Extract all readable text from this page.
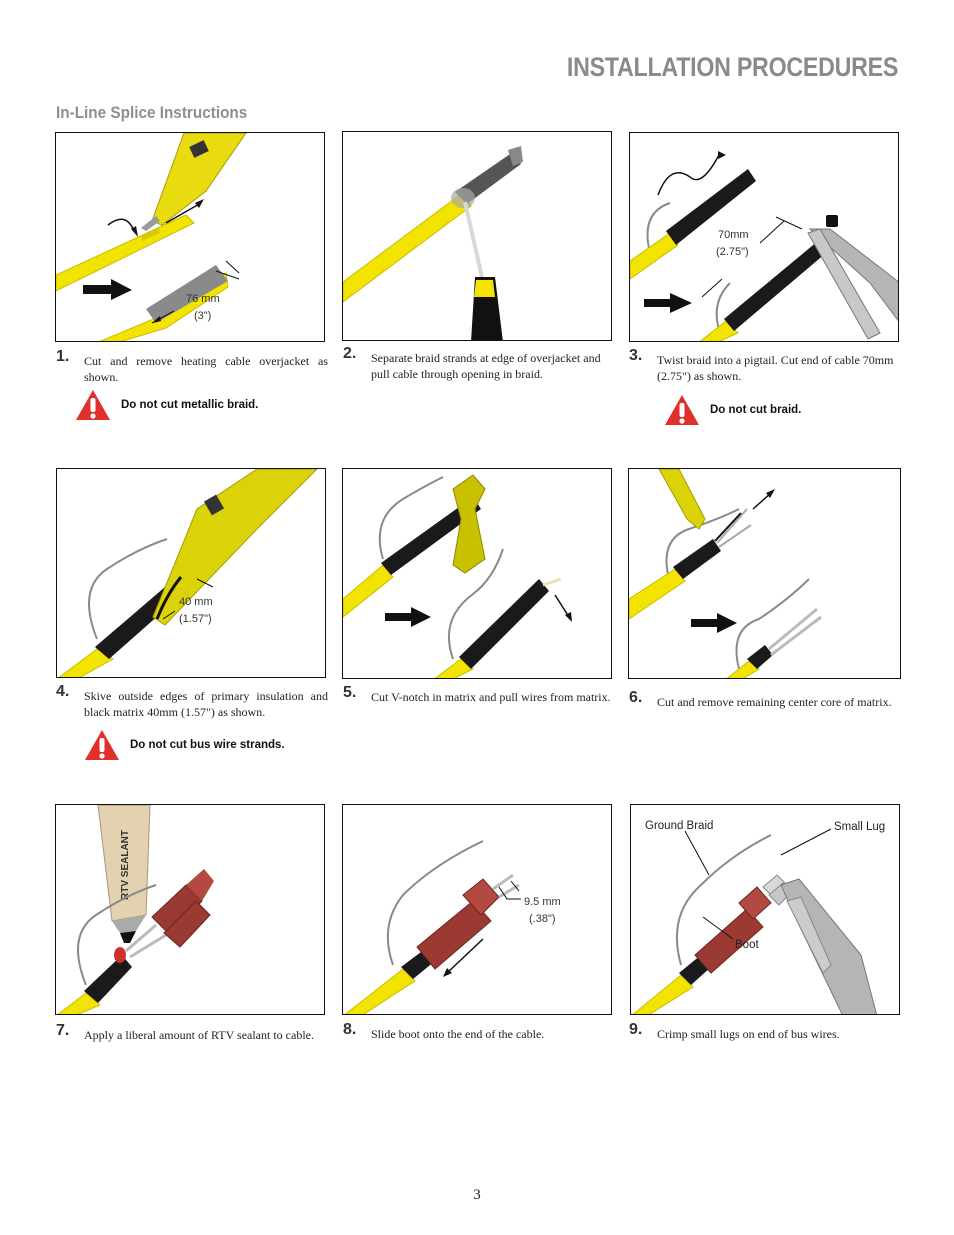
INSTALLATION PROCEDURES
In-Line Splice Instructions
76 mm
(3")
1. Cut and remove heating cable overjacket as shown.
Do not cut metallic braid.
2. Separate braid strands at edge of overjacket and pull cable through opening in braid.
70mm
(2.75")
3. Twist braid into a pigtail. Cut end of cable 70mm (2.75") as shown.
Do not cut braid.
40 mm
(1.57")
4. Skive outside edges of primary insulation and black matrix 40mm (1.57") as shown.
Do not cut bus wire strands.
5. Cut V-notch in matrix and pull wires from matrix. 6. Cut and remove remaining center core of matrix.
RTV SEALANT
7. Apply a liberal amount of RTV sealant to cable.
9.5 mm
(.38")
8. Slide boot onto the end of the cable.
Ground Braid	Small Lug
Boot
9. Crimp small lugs on end of bus wires.
3
